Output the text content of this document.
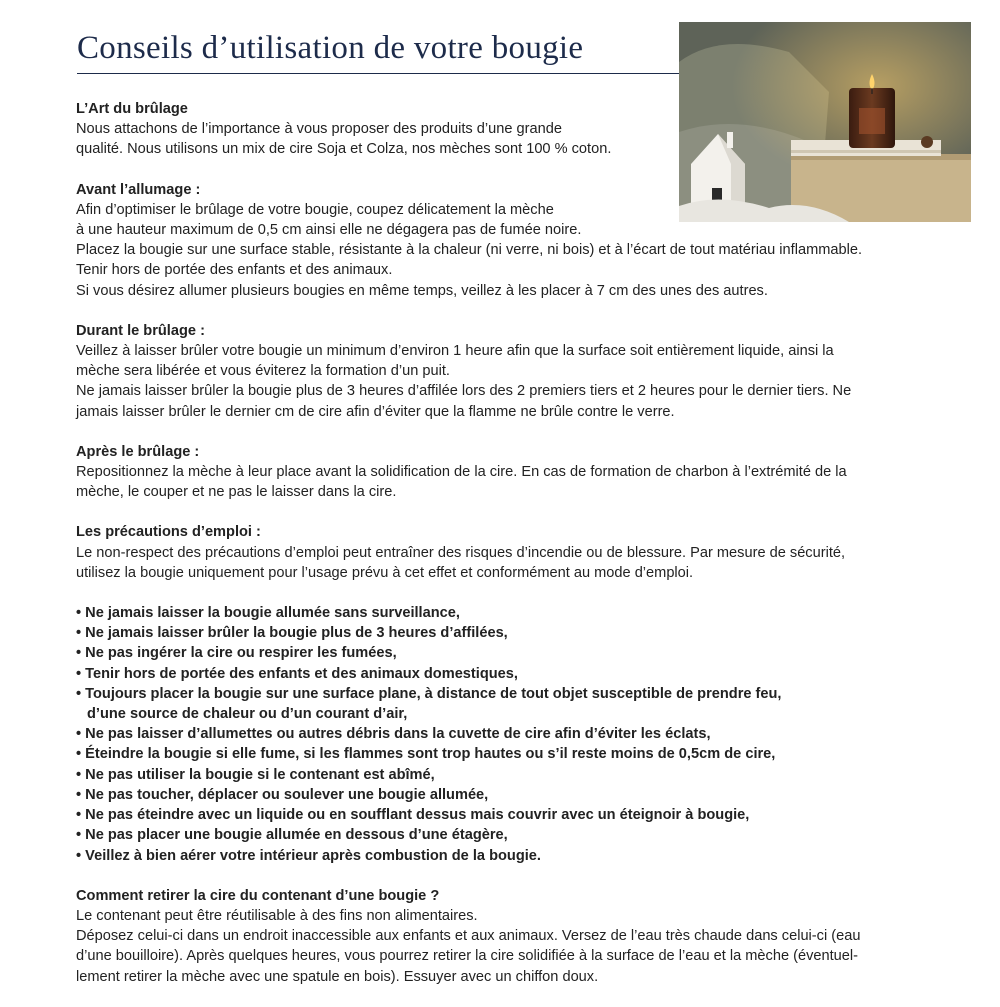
Conseils d’utilisation de votre bougie
L’Art du brûlage

Nous attachons de l’importance à vous proposer des produits d’une grande
qualité. Nous utilisons un mix de cire Soja et Colza, nos mèches sont 100 % coton.

Avant l’allumage :

Afin d’optimiser le brûlage de votre bougie, coupez délicatement la mèche
à une hauteur maximum de 0,5 cm ainsi elle ne dégagera pas de fumée noire.
Placez la bougie sur une surface stable, résistante à la chaleur (ni verre, ni bois) et à l’écart de tout matériau inflammable.
Tenir hors de portée des enfants et des animaux.
Si vous désirez allumer plusieurs bougies en même temps, veillez à les placer à 7 cm des unes des autres.

Durant le brûlage :

Veillez à laisser brûler votre bougie un minimum d’environ 1 heure afin que la surface soit entièrement liquide, ainsi la
mèche sera libérée et vous éviterez la formation d’un puit.
Ne jamais laisser brûler la bougie plus de 3 heures d’affilée lors des 2 premiers tiers et 2 heures pour le dernier tiers. Ne
jamais laisser brûler le dernier cm de cire afin d’éviter que la flamme ne brûle contre le verre.

Après le brûlage :

Repositionnez la mèche à leur place avant la solidification de la cire. En cas de formation de charbon à l’extrémité de la
mèche, le couper et ne pas le laisser dans la cire.

Les précautions d’emploi :

Le non-respect des précautions d’emploi peut entraîner des risques d’incendie ou de blessure. Par mesure de sécurité,
utilisez la bougie uniquement pour l’usage prévu à cet effet et conformément au mode d’emploi.

• Ne jamais laisser la bougie allumée sans surveillance,
• Ne jamais laisser brûler la bougie plus de 3 heures d’affilées,
• Ne pas ingérer la cire ou respirer les fumées,
• Tenir hors de portée des enfants et des animaux domestiques,
• Toujours placer la bougie sur une surface plane, à distance de tout objet susceptible de prendre feu,
d’une source de chaleur ou d’un courant d’air,
• Ne pas laisser d’allumettes ou autres débris dans la cuvette de cire afin d’éviter les éclats,
• Éteindre la bougie si elle fume, si les flammes sont trop hautes ou s’il reste moins de 0,5cm de cire,
• Ne pas utiliser la bougie si le contenant est abîmé,
• Ne pas toucher, déplacer ou soulever une bougie allumée,
• Ne pas éteindre avec un liquide ou en soufflant dessus mais couvrir avec un éteignoir à bougie,
• Ne pas placer une bougie allumée en dessous d’une étagère,
• Veillez à bien aérer votre intérieur après combustion de la bougie.
Comment retirer la cire du contenant d’une bougie ?

Le contenant peut être réutilisable à des fins non alimentaires.
Déposez celui-ci dans un endroit inaccessible aux enfants et aux animaux. Versez de l’eau très chaude dans celui-ci (eau
d’une bouilloire). Après quelques heures, vous pourrez retirer la cire solidifiée à la surface de l’eau et la mèche (éventuel-
lement retirer la mèche avec une spatule en bois). Essuyer avec un chiffon doux.
